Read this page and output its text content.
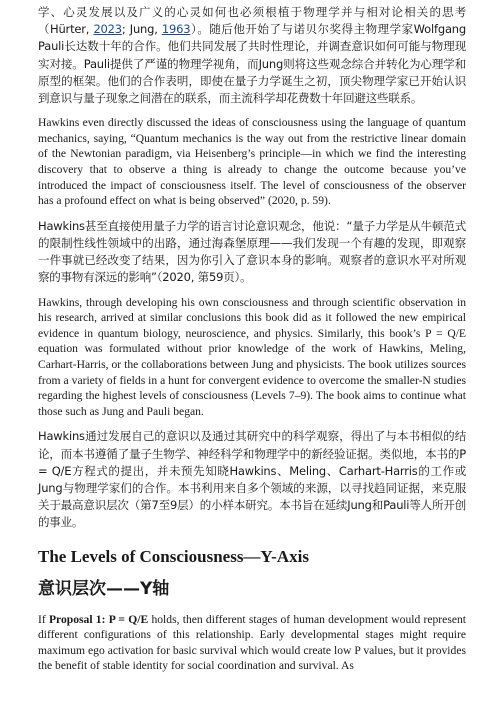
学、心灵发展以及广义的心灵如何也必须根植于物理学并与相对论相关的思考（Hürter, 2023; Jung, 1963）。随后他开始了与诺贝尔奖得主物理学家Wolfgang Pauli长达数十年的合作。他们共同发展了共时性理论，并调查意识如何可能与物理现实对接。Pauli提供了严谨的物理学视角，而Jung则将这些观念综合并转化为心理学和原型的框架。他们的合作表明，即使在量子力学诞生之初，顶尖物理学家已开始认识到意识与量子现象之间潜在的联系，而主流科学却花费数十年回避这些联系。

Hawkins even directly discussed the ideas of consciousness using the language of quantum mechanics, saying, “Quantum mechanics is the way out from the restrictive linear domain of the Newtonian paradigm, via Heisenberg’s principle—in which we find the interesting discovery that to observe a thing is already to change the outcome because you’ve introduced the impact of consciousness itself. The level of consciousness of the observer has a profound effect on what is being observed” (2020, p. 59).

Hawkins甚至直接使用量子力学的语言讨论意识观念，他说：“量子力学是从牛顿范式的限制性线性领域中的出路，通过海森堡原理——我们发现一个有趣的发现，即观察一件事就已经改变了结果，因为你引入了意识本身的影响。观察者的意识水平对所观察的事物有深远的影响”（2020, 第59页）。

Hawkins, through developing his own consciousness and through scientific observation in his research, arrived at similar conclusions this book did as it followed the new empirical evidence in quantum biology, neuroscience, and physics. Similarly, this book’s P = Q/E equation was formulated without prior knowledge of the work of Hawkins, Meling, Carhart-Harris, or the collaborations between Jung and physicists. The book utilizes sources from a variety of fields in a hunt for convergent evidence to overcome the smaller-N studies regarding the highest levels of consciousness (Levels 7–9). The book aims to continue what those such as Jung and Pauli began.

Hawkins通过发展自己的意识以及通过其研究中的科学观察，得出了与本书相似的结论，而本书遵循了量子生物学、神经科学和物理学中的新经验证据。类似地，本书的P = Q/E方程式的提出，并未预先知晓Hawkins、Meling、Carhart-Harris的工作或Jung与物理学家们的合作。本书利用来自多个领域的来源，以寻找趋同证据，来克服关于最高意识层次（第7至9层）的小样本研究。本书旨在延续Jung和Pauli等人所开创的事业。

The Levels of Consciousness—Y-Axis
意识层次——Y轴

If Proposal 1: P = Q/E holds, then different stages of human development would represent different configurations of this relationship. Early developmental stages might require maximum ego activation for basic survival which would create low P values, but it provides the benefit of stable identity for social coordination and survival. As
